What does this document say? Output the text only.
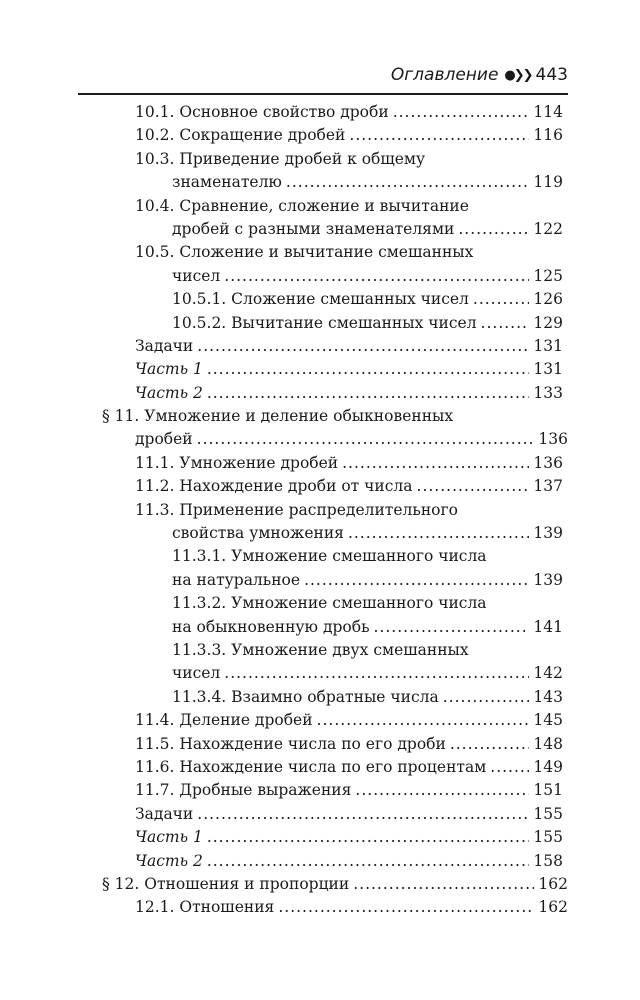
Оглавление ●❯❯ 443
10.1. Основное свойство дроби .....	114
10.2. Сокращение дробей .....	116
10.3. Приведение дробей к общему
знаменателю .....	119
10.4. Сравнение, сложение и вычитание
дробей с разными знаменателями .....	122
10.5. Сложение и вычитание смешанных
чисел .....	125
10.5.1. Сложение смешанных чисел .....	126
10.5.2. Вычитание смешанных чисел .....	129
Задачи .....	131
Часть 1 .....	131
Часть 2 .....	133
§ 11. Умножение и деление обыкновенных
дробей .....	136
11.1. Умножение дробей .....	136
11.2. Нахождение дроби от числа .....	137
11.3. Применение распределительного
свойства умножения .....	139
11.3.1. Умножение смешанного числа
на натуральное .....	139
11.3.2. Умножение смешанного числа
на обыкновенную дробь .....	141
11.3.3. Умножение двух смешанных
чисел .....	142
11.3.4. Взаимно обратные числа .....	143
11.4. Деление дробей .....	145
11.5. Нахождение числа по его дроби .....	148
11.6. Нахождение числа по его процентам .....	149
11.7. Дробные выражения .....	151
Задачи .....	155
Часть 1 .....	155
Часть 2 .....	158
§ 12. Отношения и пропорции .....	162
12.1. Отношения .....	162
